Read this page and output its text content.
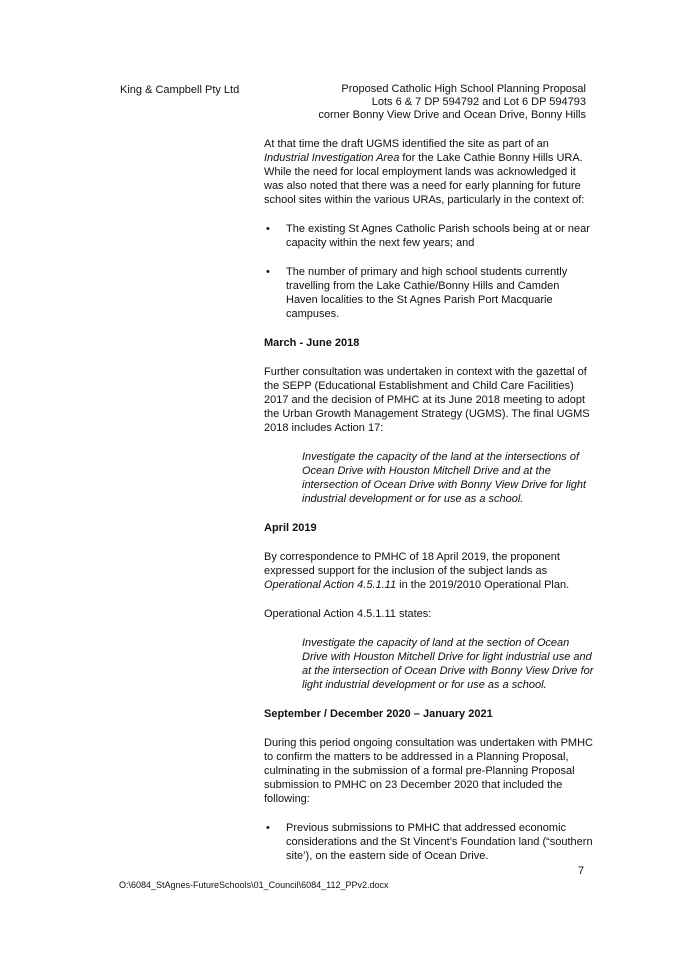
King & Campbell Pty Ltd	Proposed Catholic High School Planning Proposal
Lots 6 & 7 DP 594792 and Lot 6 DP 594793
corner Bonny View Drive and Ocean Drive, Bonny Hills

At that time the draft UGMS identified the site as part of an Industrial Investigation Area for the Lake Cathie Bonny Hills URA. While the need for local employment lands was acknowledged it was also noted that there was a need for early planning for future school sites within the various URAs, particularly in the context of:

• The existing St Agnes Catholic Parish schools being at or near capacity within the next few years; and
• The number of primary and high school students currently travelling from the Lake Cathie/Bonny Hills and Camden Haven localities to the St Agnes Parish Port Macquarie campuses.
March - June 2018

Further consultation was undertaken in context with the gazettal of the SEPP (Educational Establishment and Child Care Facilities) 2017 and the decision of PMHC at its June 2018 meeting to adopt the Urban Growth Management Strategy (UGMS). The final UGMS 2018 includes Action 17:

Investigate the capacity of the land at the intersections of Ocean Drive with Houston Mitchell Drive and at the intersection of Ocean Drive with Bonny View Drive for light industrial development or for use as a school.
April 2019

By correspondence to PMHC of 18 April 2019, the proponent expressed support for the inclusion of the subject lands as Operational Action 4.5.1.11 in the 2019/2010 Operational Plan.

Operational Action 4.5.1.11 states:

Investigate the capacity of land at the section of Ocean Drive with Houston Mitchell Drive for light industrial use and at the intersection of Ocean Drive with Bonny View Drive for light industrial development or for use as a school.
September / December 2020 – January 2021

During this period ongoing consultation was undertaken with PMHC to confirm the matters to be addressed in a Planning Proposal, culminating in the submission of a formal pre-Planning Proposal submission to PMHC on 23 December 2020 that included the following:

• Previous submissions to PMHC that addressed economic considerations and the St Vincent’s Foundation land (“southern site’), on the eastern side of Ocean Drive.
7
O:\6084_StAgnes-FutureSchools\01_Council\6084_112_PPv2.docx
